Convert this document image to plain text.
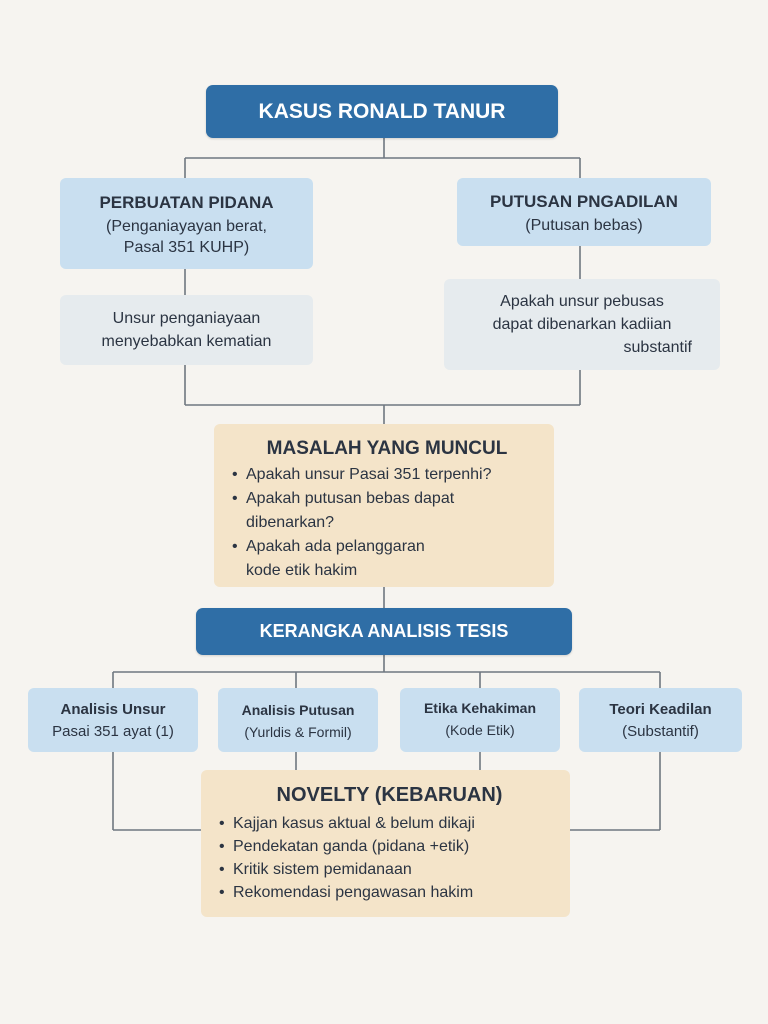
KASUS RONALD TANUR
PERBUATAN PIDANA
(Penganiayayan berat,
Pasal 351 KUHP)
PUTUSAN PNGADILAN
(Putusan bebas)
Unsur penganiayaan
menyebabkan kematian
Apakah unsur pebusas
dapat dibenarkan kadiian
substantif
MASALAH YANG MUNCUL
• Apakah unsur Pasai 351 terpenhi?
• Apakah putusan bebas dapat
dibenarkan?
• Apakah ada pelanggaran
kode etik hakim
KERANGKA ANALISIS TESIS
Analisis Unsur
Pasai 351 ayat (1)
Analisis Putusan
(Yurldis & Formil)
Etika Kehakiman
(Kode Etik)
Teori Keadilan
(Substantif)
NOVELTY (KEBARUAN)
• Kajjan kasus aktual & belum dikaji
• Pendekatan ganda (pidana +etik)
• Kritik sistem pemidanaan
• Rekomendasi pengawasan hakim
